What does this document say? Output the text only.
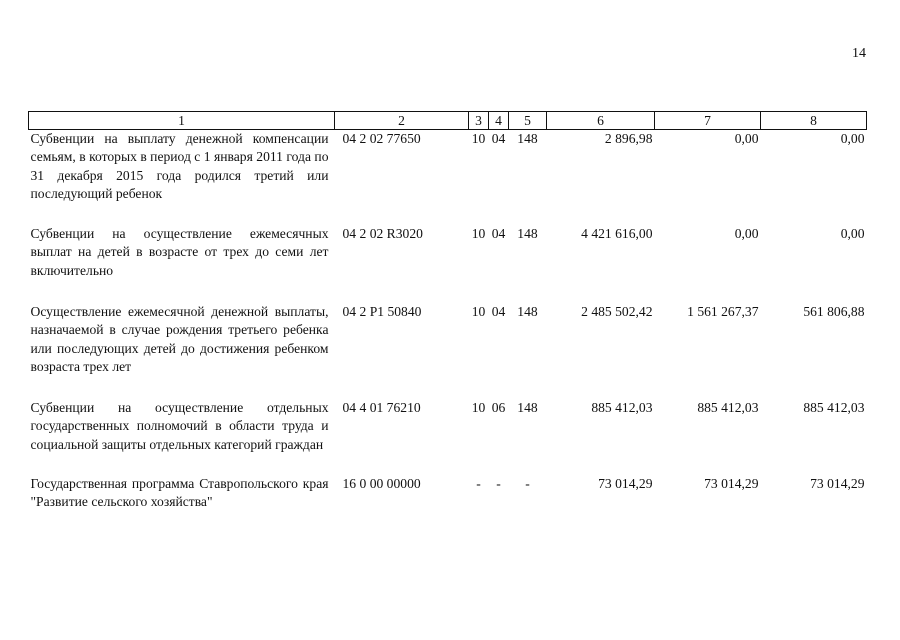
14
1	2	3	4	5	6	7	8
Субвенции на выплату денежной компенсации семьям, в которых в период с 1 января 2011 года по 31 декабря 2015 года родился третий или последующий ребенок	04 2 02 77650	10	04	148	2 896,98	0,00	0,00
Субвенции на осуществление ежемесячных выплат на детей в возрасте от трех до семи лет включительно	04 2 02 R3020	10	04	148	4 421 616,00	0,00	0,00
Осуществление ежемесячной денежной выплаты, назначаемой в случае рождения третьего ребенка или последующих детей до достижения ребенком возраста трех лет	04 2 P1 50840	10	04	148	2 485 502,42	1 561 267,37	561 806,88
Субвенции на осуществление отдельных государственных полномочий в области труда и социальной защиты отдельных категорий граждан	04 4 01 76210	10	06	148	885 412,03	885 412,03	885 412,03
Государственная программа Ставропольского края "Развитие сельского хозяйства"	16 0 00 00000	-	-	-	73 014,29	73 014,29	73 014,29
